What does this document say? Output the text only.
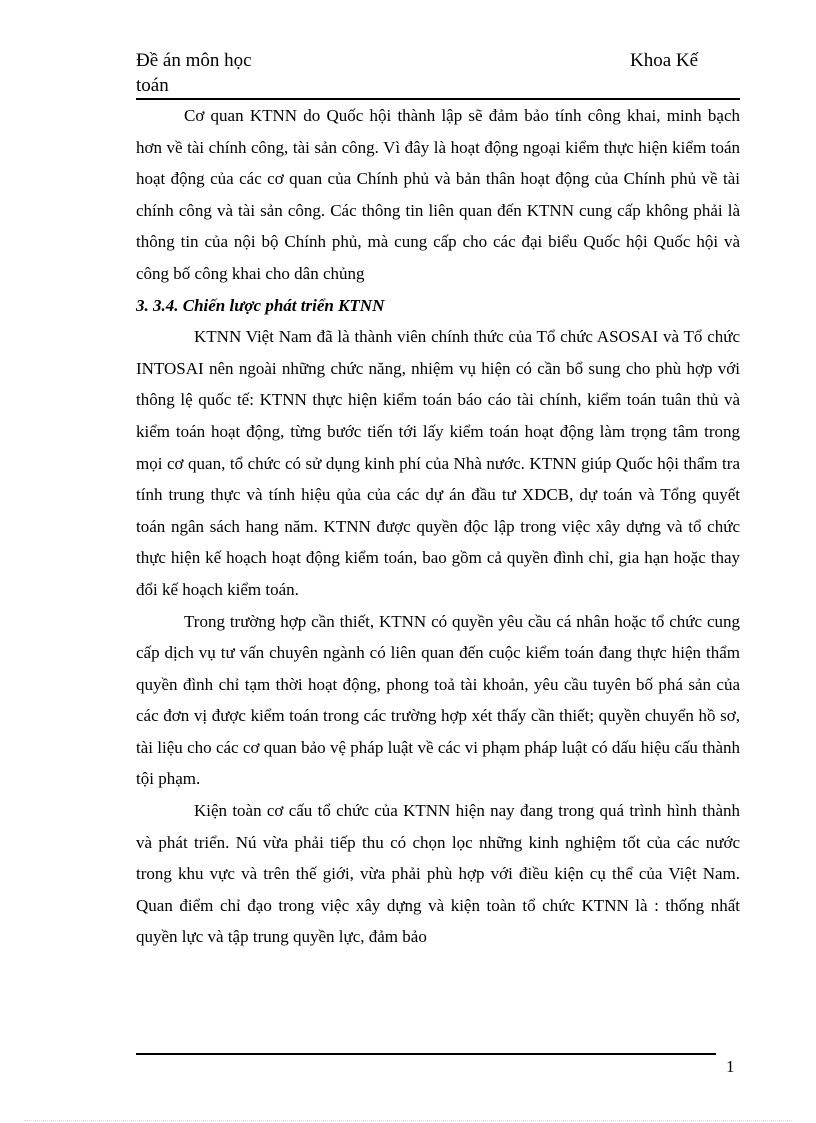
Đề án môn học toán
Khoa Kế

Cơ quan KTNN do Quốc hội thành lập sẽ đảm bảo tính công khai, minh bạch hơn về tài chính công, tài sản công. Vì đây là hoạt động ngoại kiểm thực hiện kiểm toán hoạt động của các cơ quan của Chính phủ và bản thân hoạt động của Chính phủ về tài chính công và tài sản công. Các thông tin liên quan đến KTNN cung cấp không phải là thông tin của nội bộ Chính phủ, mà cung cấp cho các đại biểu Quốc hội Quốc hội và công bố công khai cho dân chủng

3. 3.4. Chiến lược phát triển KTNN

KTNN Việt Nam đã là thành viên chính thức của Tổ chức ASOSAI và Tổ chức INTOSAI nên ngoài những chức năng, nhiệm vụ hiện có cần bổ sung cho phù hợp với thông lệ quốc tế: KTNN thực hiện kiểm toán báo cáo tài chính, kiểm toán tuân thủ và kiểm toán hoạt động, từng bước tiến tới lấy kiểm toán hoạt động làm trọng tâm trong mọi cơ quan, tổ chức có sử dụng kinh phí của Nhà nước. KTNN giúp Quốc hội thẩm tra tính trung thực và tính hiệu qủa của các dự án đầu tư XDCB, dự toán và Tổng quyết toán ngân sách hang năm. KTNN được quyền độc lập trong việc xây dựng và tổ chức thực hiện kế hoạch hoạt động kiểm toán, bao gồm cả quyền đình chỉ, gia hạn hoặc thay đổi kế hoạch kiểm toán.

Trong trường hợp cần thiết, KTNN có quyền yêu cầu cá nhân hoặc tổ chức cung cấp dịch vụ tư vấn chuyên ngành có liên quan đến cuộc kiểm toán đang thực hiện thẩm quyền đình chỉ tạm thời hoạt động, phong toả tài khoản, yêu cầu tuyên bố phá sản của các đơn vị được kiểm toán trong các trường hợp xét thấy cần thiết; quyền chuyển hồ sơ, tài liệu cho các cơ quan bảo vệ pháp luật về các vi phạm pháp luật có dấu hiệu cấu thành tội phạm.

Kiện toàn cơ cấu tổ chức của KTNN hiện nay đang trong quá trình hình thành và phát triển. Nú vừa phải tiếp thu có chọn lọc những kinh nghiệm tốt của các nước trong khu vực và trên thế giới, vừa phải phù hợp với điều kiện cụ thể của Việt Nam. Quan điểm chỉ đạo trong việc xây dựng và kiện toàn tổ chức KTNN là : thống nhất quyền lực và tập trung quyền lực, đảm bảo

1
